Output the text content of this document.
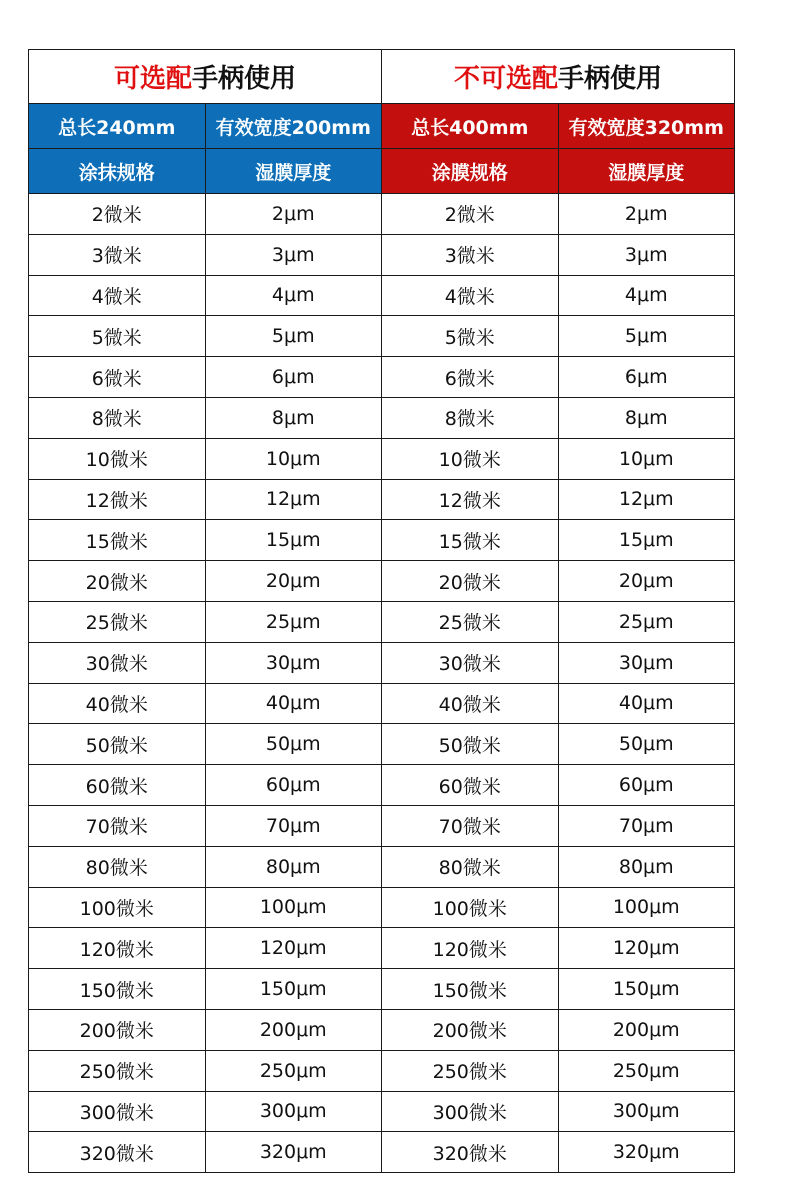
可选配手柄使用		不可选配手柄使用	
总长240mm	有效宽度200mm	总长400mm	有效宽度320mm
涂抹规格	湿膜厚度	涂膜规格	湿膜厚度
2微米	2μm	2微米	2μm
3微米	3μm	3微米	3μm
4微米	4μm	4微米	4μm
5微米	5μm	5微米	5μm
6微米	6μm	6微米	6μm
8微米	8μm	8微米	8μm
10微米	10μm	10微米	10μm
12微米	12μm	12微米	12μm
15微米	15μm	15微米	15μm
20微米	20μm	20微米	20μm
25微米	25μm	25微米	25μm
30微米	30μm	30微米	30μm
40微米	40μm	40微米	40μm
50微米	50μm	50微米	50μm
60微米	60μm	60微米	60μm
70微米	70μm	70微米	70μm
80微米	80μm	80微米	80μm
100微米	100μm	100微米	100μm
120微米	120μm	120微米	120μm
150微米	150μm	150微米	150μm
200微米	200μm	200微米	200μm
250微米	250μm	250微米	250μm
300微米	300μm	300微米	300μm
320微米	320μm	320微米	320μm
